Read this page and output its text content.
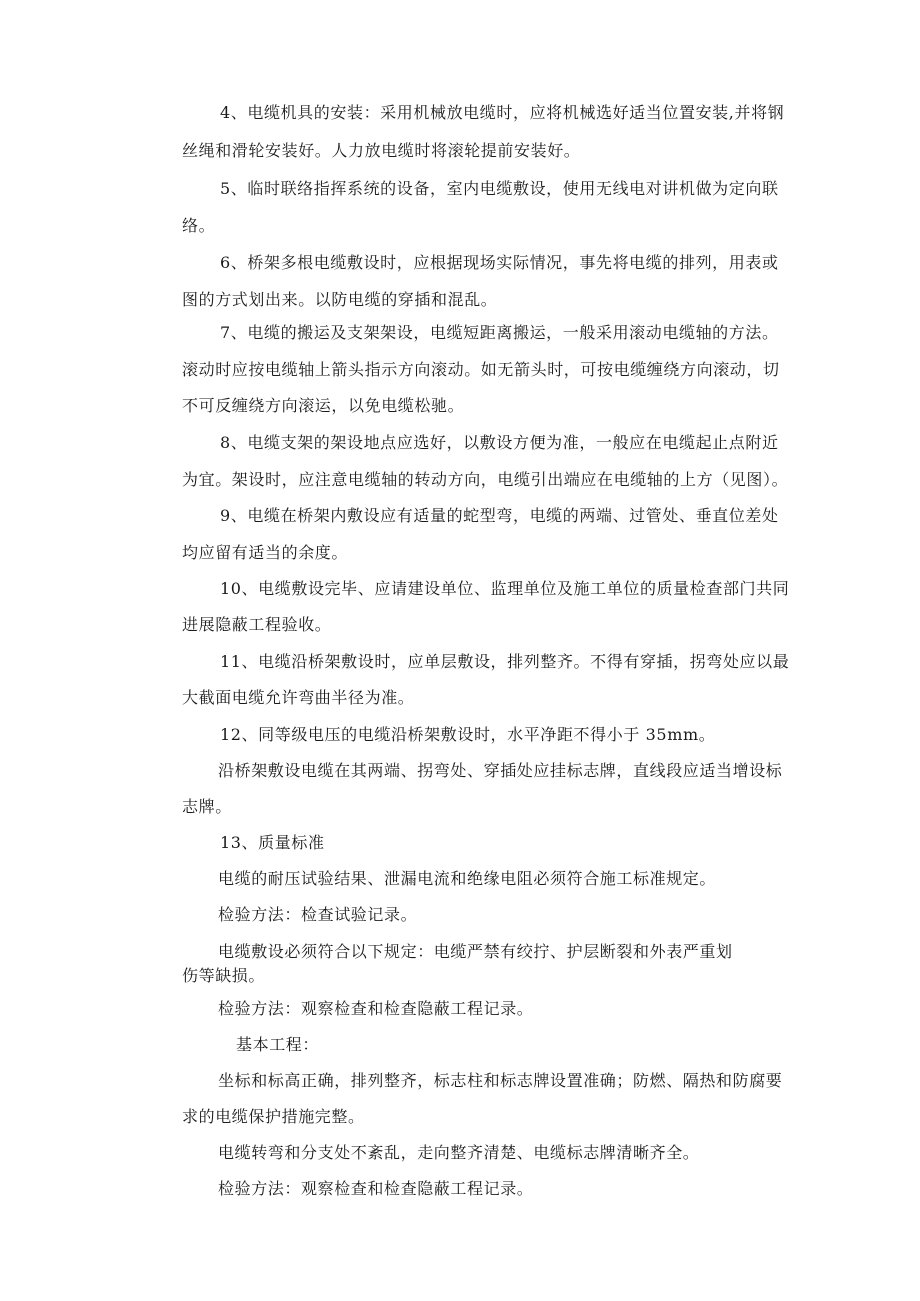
4、电缆机具的安装：采用机械放电缆时，应将机械选好适当位置安装,并将钢
丝绳和滑轮安装好。人力放电缆时将滚轮提前安装好。
5、临时联络指挥系统的设备，室内电缆敷设，使用无线电对讲机做为定向联
络。
6、桥架多根电缆敷设时，应根据现场实际情况，事先将电缆的排列，用表或
图的方式划出来。以防电缆的穿插和混乱。
7、电缆的搬运及支架架设，电缆短距离搬运，一般采用滚动电缆轴的方法。
滚动时应按电缆轴上箭头指示方向滚动。如无箭头时，可按电缆缠绕方向滚动，切
不可反缠绕方向滚运，以免电缆松驰。
8、电缆支架的架设地点应选好，以敷设方便为准，一般应在电缆起止点附近
为宜。架设时，应注意电缆轴的转动方向，电缆引出端应在电缆轴的上方（见图）。
9、电缆在桥架内敷设应有适量的蛇型弯，电缆的两端、过管处、垂直位差处
均应留有适当的余度。
10、电缆敷设完毕、应请建设单位、监理单位及施工单位的质量检查部门共同
进展隐蔽工程验收。
11、电缆沿桥架敷设时，应单层敷设，排列整齐。不得有穿插，拐弯处应以最
大截面电缆允许弯曲半径为准。
12、同等级电压的电缆沿桥架敷设时，水平净距不得小于 35mm。
沿桥架敷设电缆在其两端、拐弯处、穿插处应挂标志牌，直线段应适当增设标
志牌。
13、质量标准
电缆的耐压试验结果、泄漏电流和绝缘电阻必须符合施工标准规定。
检验方法：检查试验记录。
电缆敷设必须符合以下规定：电缆严禁有绞拧、护层断裂和外表严重划
伤等缺损。
检验方法：观察检查和检查隐蔽工程记录。
基本工程：
坐标和标高正确，排列整齐，标志柱和标志牌设置准确；防燃、隔热和防腐要
求的电缆保护措施完整。
电缆转弯和分支处不紊乱，走向整齐清楚、电缆标志牌清晰齐全。
检验方法：观察检查和检查隐蔽工程记录。
